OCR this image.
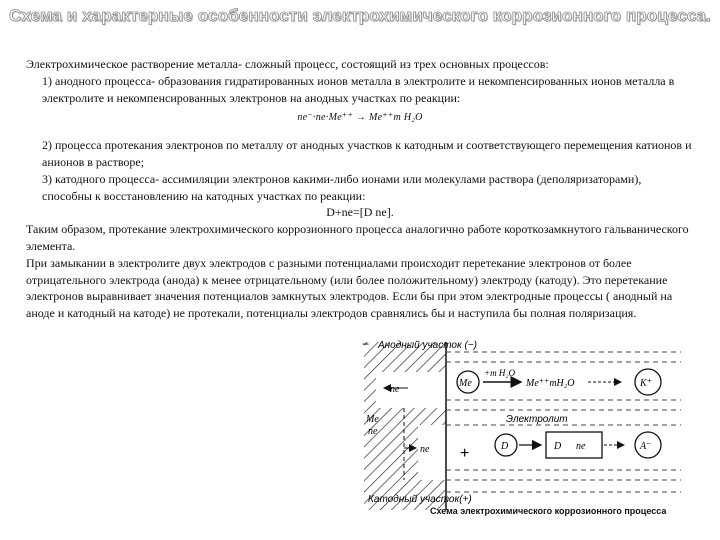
Схема и характерные особенности электрохимического коррозионного процесса.

Электрохимическое растворение металла- сложный процесс, состоящий из трех основных процессов:

1) анодного процесса- образования гидратированных ионов металла в электролите и некомпенсированных ионов металла в электролите и некомпенсированных электронов на анодных участках по реакции:

ne⁻·ne·Me⁺⁺ → Me⁺⁺m H₂O

2) процесса протекания электронов по металлу от анодных участков к катодным и соответствующего перемещения катионов и анионов в растворе;

3) катодного процесса- ассимиляции электронов какими-либо ионами или молекулами раствора (деполяризаторами), способны к восстановлению на катодных участках по реакции:

D+ne=[D ne].

Таким образом, протекание электрохимического коррозионного процесса аналогично работе короткозамкнутого гальванического элемента.

При замыкании в электролите двух электродов с разными потенциалами происходит перетекание электронов от более отрицательного электрода (анода) к менее отрицательному (или более положительному) электроду (катоду). Это перетекание электронов выравнивает значения потенциалов замкнутых электродов. Если бы при этом электродные процессы ( анодный на аноде и катодный на катоде) не протекали, потенциалы электродов сравнялись бы и наступила бы полная поляризация.

Анодный участок (−)
−
Катодный участок(+)
Электролит
ne
Me
+m H₂O
Me⁺⁺mH₂O	K⁺
Me
ne
ne +	D	D ne	A⁻
Схема электрохимического коррозионного процесса
